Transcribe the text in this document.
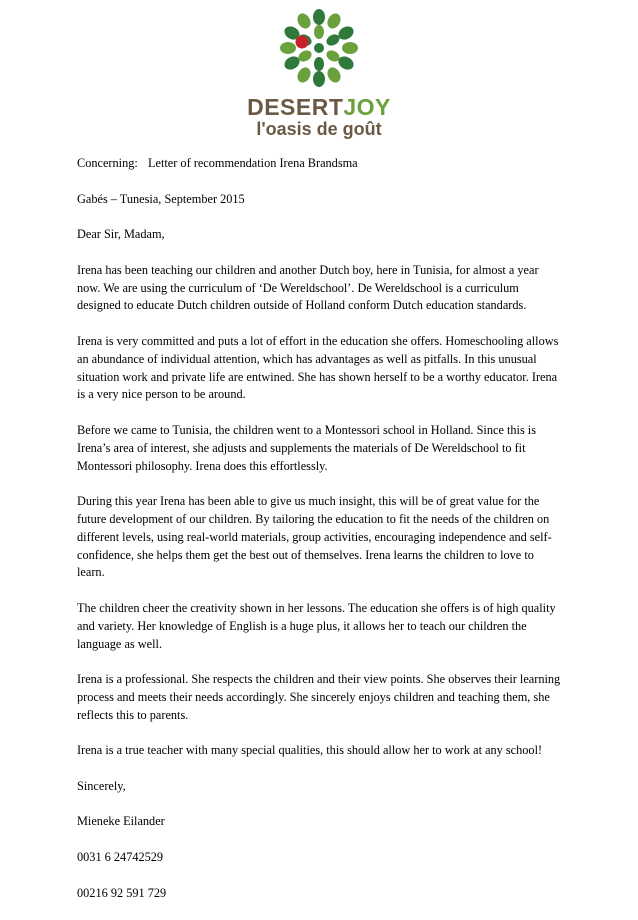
DESERTJOY
l'oasis de goût

Concerning: Letter of recommendation Irena Brandsma

Gabés – Tunesia, September 2015

Dear Sir, Madam,

Irena has been teaching our children and another Dutch boy, here in Tunisia, for almost a year now. We are using the curriculum of ‘De Wereldschool’. De Wereldschool is a curriculum designed to educate Dutch children outside of Holland conform Dutch education standards.

Irena is very committed and puts a lot of effort in the education she offers. Homeschooling allows an abundance of individual attention, which has advantages as well as pitfalls. In this unusual situation work and private life are entwined. She has shown herself to be a worthy educator. Irena is a very nice person to be around.

Before we came to Tunisia, the children went to a Montessori school in Holland. Since this is Irena’s area of interest, she adjusts and supplements the materials of De Wereldschool to fit Montessori philosophy. Irena does this effortlessly.

During this year Irena has been able to give us much insight, this will be of great value for the future development of our children. By tailoring the education to fit the needs of the children on different levels, using real-world materials, group activities, encouraging independence and self-confidence, she helps them get the best out of themselves. Irena learns the children to love to learn.

The children cheer the creativity shown in her lessons. The education she offers is of high quality and variety. Her knowledge of English is a huge plus, it allows her to teach our children the language as well.

Irena is a professional. She respects the children and their view points. She observes their learning process and meets their needs accordingly. She sincerely enjoys children and teaching them, she reflects this to parents.

Irena is a true teacher with many special qualities, this should allow her to work at any school!

Sincerely,

Mieneke Eilander

0031 6 24742529

00216 92 591 729
